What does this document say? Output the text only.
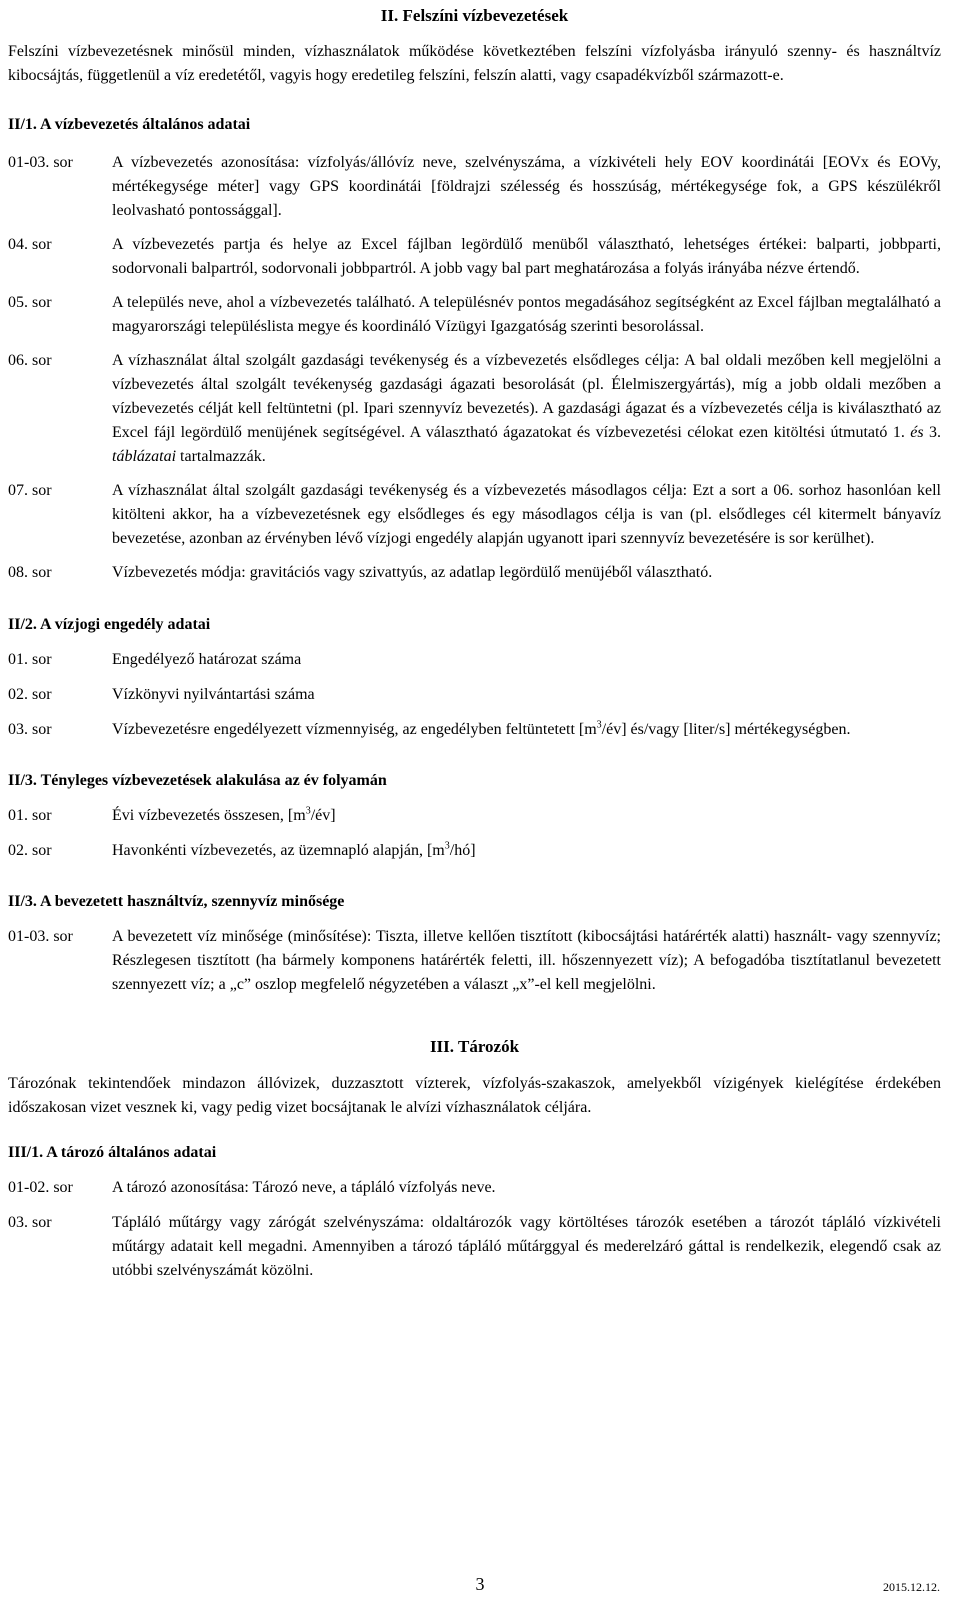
II. Felszíni vízbevezetések

Felszíni vízbevezetésnek minősül minden, vízhasználatok működése következtében felszíni vízfolyásba irányuló szenny- és használtvíz kibocsájtás, függetlenül a víz eredetétől, vagyis hogy eredetileg felszíni, felszín alatti, vagy csapadékvízből származott-e.

II/1. A vízbevezetés általános adatai

01-03. sor	A vízbevezetés azonosítása: vízfolyás/állóvíz neve, szelvényszáma, a vízkivételi hely EOV koordinátái [EOVx és EOVy, mértékegysége méter] vagy GPS koordinátái [földrajzi szélesség és hosszúság, mértékegysége fok, a GPS készülékről leolvasható pontossággal].
04. sor	A vízbevezetés partja és helye az Excel fájlban legördülő menüből választható, lehetséges értékei: balparti, jobbparti, sodorvonali balpartról, sodorvonali jobbpartról. A jobb vagy bal part meghatározása a folyás irányába nézve értendő.
05. sor	A település neve, ahol a vízbevezetés található. A településnév pontos megadásához segítségként az Excel fájlban megtalálható a magyarországi településlista megye és koordináló Vízügyi Igazgatóság szerinti besorolással.
06. sor	A vízhasználat által szolgált gazdasági tevékenység és a vízbevezetés elsődleges célja: A bal oldali mezőben kell megjelölni a vízbevezetés által szolgált tevékenység gazdasági ágazati besorolását (pl. Élelmiszergyártás), míg a jobb oldali mezőben a vízbevezetés célját kell feltüntetni (pl. Ipari szennyvíz bevezetés). A gazdasági ágazat és a vízbevezetés célja is kiválasztható az Excel fájl legördülő menüjének segítségével. A választható ágazatokat és vízbevezetési célokat ezen kitöltési útmutató 1. és 3. táblázatai tartalmazzák.
07. sor	A vízhasználat által szolgált gazdasági tevékenység és a vízbevezetés másodlagos célja: Ezt a sort a 06. sorhoz hasonlóan kell kitölteni akkor, ha a vízbevezetésnek egy elsődleges és egy másodlagos célja is van (pl. elsődleges cél kitermelt bányavíz bevezetése, azonban az érvényben lévő vízjogi engedély alapján ugyanott ipari szennyvíz bevezetésére is sor kerülhet).
08. sor	Vízbevezetés módja: gravitációs vagy szivattyús, az adatlap legördülő menüjéből választható.

II/2. A vízjogi engedély adatai

01. sor	Engedélyező határozat száma
02. sor	Vízkönyvi nyilvántartási száma
03. sor	Vízbevezetésre engedélyezett vízmennyiség, az engedélyben feltüntetett $[m^3/év]$ és/vagy [liter/s] mértékegységben.

II/3. Tényleges vízbevezetések alakulása az év folyamán

01. sor	Évi vízbevezetés összesen, $[m^3/év]$
02. sor	Havonkénti vízbevezetés, az üzemnapló alapján, $[m^3/hó]$

II/3. A bevezetett használtvíz, szennyvíz minősége

01-03. sor	A bevezetett víz minősége (minősítése): Tiszta, illetve kellően tisztított (kibocsájtási határérték alatti) használt- vagy szennyvíz; Részlegesen tisztított (ha bármely komponens határérték feletti, ill. hőszennyezett víz); A befogadóba tisztítatlanul bevezetett szennyezett víz; a „c” oszlop megfelelő négyzetében a választ „x”-el kell megjelölni.
III. Tározók

Tározónak tekintendőek mindazon állóvizek, duzzasztott vízterek, vízfolyás-szakaszok, amelyekből vízigények kielégítése érdekében időszakosan vizet vesznek ki, vagy pedig vizet bocsájtanak le alvízi vízhasználatok céljára.

III/1. A tározó általános adatai

01-02. sor	A tározó azonosítása: Tározó neve, a tápláló vízfolyás neve.
03. sor	Tápláló műtárgy vagy zárógát szelvényszáma: oldaltározók vagy körtöltéses tározók esetében a tározót tápláló vízkivételi műtárgy adatait kell megadni. Amennyiben a tározó tápláló műtárggyal és mederelzáró gáttal is rendelkezik, elegendő csak az utóbbi szelvényszámát közölni.
3	2015.12.12.
